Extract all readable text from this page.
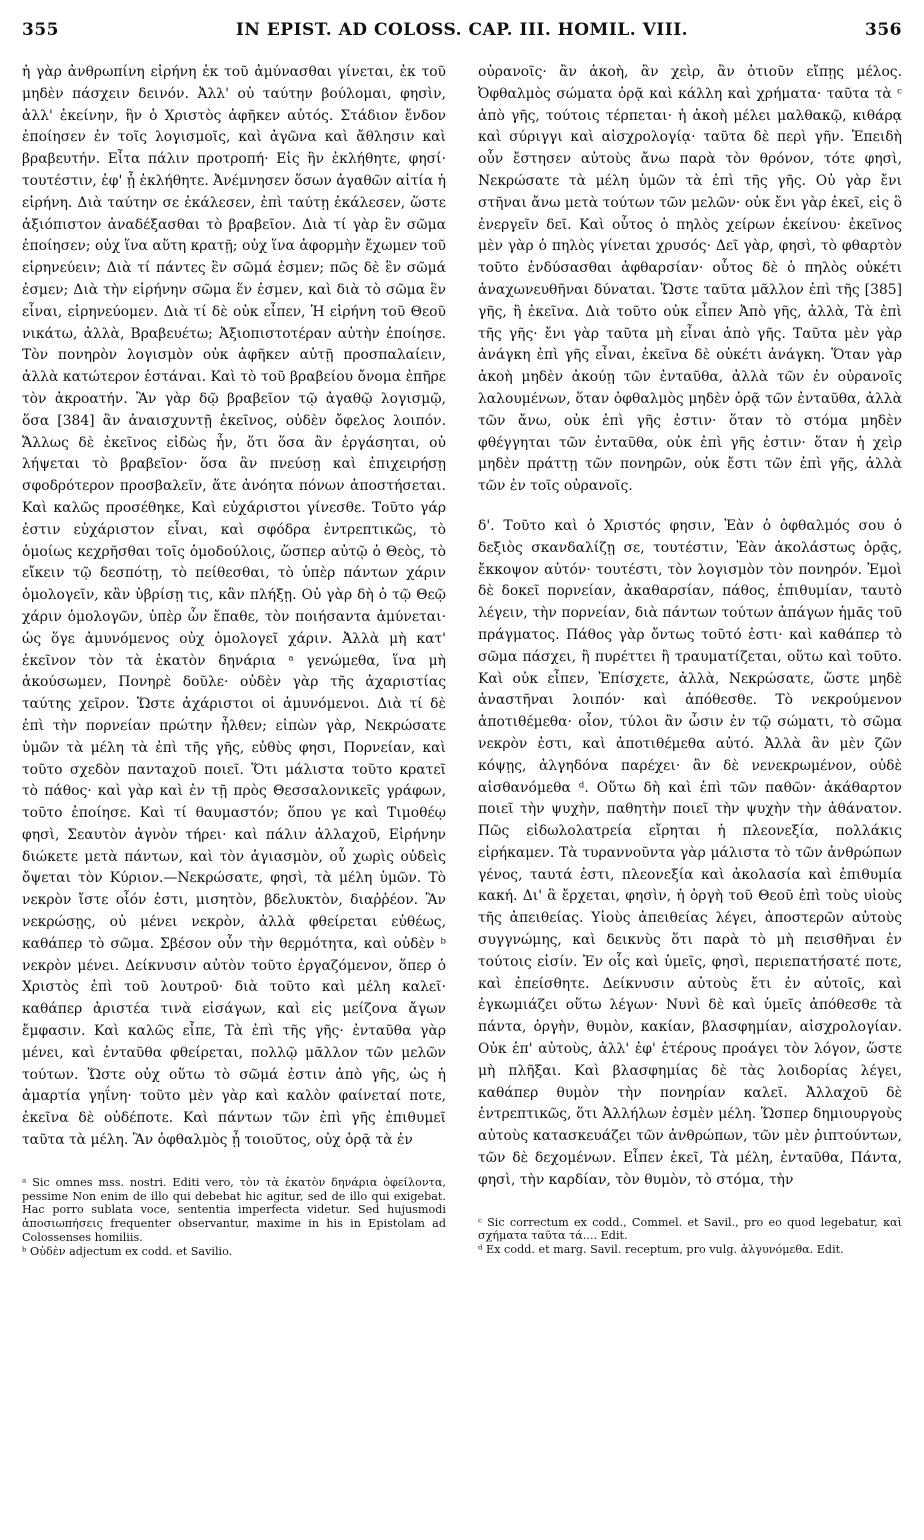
355	IN EPIST. AD COLOSS. CAP. III. HOMIL. VIII.	356

ἡ γὰρ ἀνθρωπίνη εἰρήνη ἐκ τοῦ ἀμύνασθαι γίνεται, ἐκ τοῦ μηδὲν πάσχειν δεινόν. Ἀλλ' οὐ ταύτην βούλομαι, φησὶν, ἀλλ' ἐκείνην, ἣν ὁ Χριστὸς ἀφῆκεν αὐτός. Στάδιον ἔνδον ἐποίησεν ἐν τοῖς λογισμοῖς, καὶ ἀγῶνα καὶ ἄθλησιν καὶ βραβευτήν. Εἶτα πάλιν προτροπή· Εἰς ἣν ἐκλήθητε, φησί· τουτέστιν, ἐφ' ᾗ ἐκλήθητε. Ἀνέμνησεν ὅσων ἀγαθῶν αἰτία ἡ εἰρήνη. Διὰ ταύτην σε ἐκάλεσεν, ἐπὶ ταύτῃ ἐκάλεσεν, ὥστε ἀξιόπιστον ἀναδέξασθαι τὸ βραβεῖον. Διὰ τί γὰρ ἓν σῶμα ἐποίησεν; οὐχ ἵνα αὕτη κρατῇ; οὐχ ἵνα ἀφορμὴν ἔχωμεν τοῦ εἰρηνεύειν; Διὰ τί πάντες ἓν σῶμά ἐσμεν; πῶς δὲ ἓν σῶμά ἐσμεν; Διὰ τὴν εἰρήνην σῶμα ἕν ἐσμεν, καὶ διὰ τὸ σῶμα ἓν εἶναι, εἰρηνεύομεν. Διὰ τί δὲ οὐκ εἶπεν, Ἡ εἰρήνη τοῦ Θεοῦ νικάτω, ἀλλὰ, Βραβευέτω; Ἀξιοπιστοτέραν αὐτὴν ἐποίησε. Τὸν πονηρὸν λογισμὸν οὐκ ἀφῆκεν αὐτῇ προσπαλαίειν, ἀλλὰ κατώτερον ἑστάναι. Καὶ τὸ τοῦ βραβείου ὄνομα ἐπῆρε τὸν ἀκροατήν. Ἂν γὰρ δῷ βραβεῖον τῷ ἀγαθῷ λογισμῷ, ὅσα [384] ἂν ἀναισχυντῇ ἐκεῖνος, οὐδὲν ὄφελος λοιπόν. Ἄλλως δὲ ἐκεῖνος εἰδὼς ἦν, ὅτι ὅσα ἂν ἐργάσηται, οὐ λήψεται τὸ βραβεῖον· ὅσα ἂν πνεύσῃ καὶ ἐπιχειρήσῃ σφοδρότερον προσβαλεῖν, ἅτε ἀνόητα πόνων ἀποστήσεται. Καὶ καλῶς προσέθηκε, Καὶ εὐχάριστοι γίνεσθε. Τοῦτο γάρ ἐστιν εὐχάριστον εἶναι, καὶ σφόδρα ἐντρεπτικῶς, τὸ ὁμοίως κεχρῆσθαι τοῖς ὁμοδούλοις, ὥσπερ αὐτῷ ὁ Θεὸς, τὸ εἴκειν τῷ δεσπότῃ, τὸ πείθεσθαι, τὸ ὑπὲρ πάντων χάριν ὁμολογεῖν, κἂν ὑβρίσῃ τις, κἂν πλήξῃ. Οὐ γὰρ δὴ ὁ τῷ Θεῷ χάριν ὁμολογῶν, ὑπὲρ ὧν ἔπαθε, τὸν ποιήσαντα ἀμύνεται· ὡς ὅγε ἀμυνόμενος οὐχ ὁμολογεῖ χάριν. Ἀλλὰ μὴ κατ' ἐκεῖνον τὸν τὰ ἑκατὸν δηνάρια ᵃ γενώμεθα, ἵνα μὴ ἀκούσωμεν, Πονηρὲ δοῦλε· οὐδὲν γὰρ τῆς ἀχαριστίας ταύτης χεῖρον. Ὥστε ἀχάριστοι οἱ ἀμυνόμενοι. Διὰ τί δὲ ἐπὶ τὴν πορνείαν πρώτην ἦλθεν; εἰπὼν γὰρ, Νεκρώσατε ὑμῶν τὰ μέλη τὰ ἐπὶ τῆς γῆς, εὐθὺς φησι, Πορνείαν, καὶ τοῦτο σχεδὸν πανταχοῦ ποιεῖ. Ὅτι μάλιστα τοῦτο κρατεῖ τὸ πάθος· καὶ γὰρ καὶ ἐν τῇ πρὸς Θεσσαλονικεῖς γράφων, τοῦτο ἐποίησε. Καὶ τί θαυμαστόν; ὅπου γε καὶ Τιμοθέῳ φησὶ, Σεαυτὸν ἁγνὸν τήρει· καὶ πάλιν ἀλλαχοῦ, Εἰρήνην διώκετε μετὰ πάντων, καὶ τὸν ἁγιασμὸν, οὗ χωρὶς οὐδεὶς ὄψεται τὸν Κύριον.—Νεκρώσατε, φησὶ, τὰ μέλη ὑμῶν. Τὸ νεκρὸν ἴστε οἷόν ἐστι, μισητὸν, βδελυκτὸν, διαῤῥέον. Ἂν νεκρώσῃς, οὐ μένει νεκρὸν, ἀλλὰ φθείρεται εὐθέως, καθάπερ τὸ σῶμα. Σβέσον οὖν τὴν θερμότητα, καὶ οὐδὲν ᵇ νεκρὸν μένει. Δείκνυσιν αὐτὸν τοῦτο ἐργαζόμενον, ὅπερ ὁ Χριστὸς ἐπὶ τοῦ λουτροῦ· διὰ τοῦτο καὶ μέλη καλεῖ· καθάπερ ἀριστέα τινὰ εἰσάγων, καὶ εἰς μείζονα ἄγων ἔμφασιν. Καὶ καλῶς εἶπε, Τὰ ἐπὶ τῆς γῆς· ἐνταῦθα γὰρ μένει, καὶ ἐνταῦθα φθείρεται, πολλῷ μᾶλλον τῶν μελῶν τούτων. Ὥστε οὐχ οὕτω τὸ σῶμά ἐστιν ἀπὸ γῆς, ὡς ἡ ἁμαρτία γηΐνη· τοῦτο μὲν γὰρ καὶ καλὸν φαίνεταί ποτε, ἐκεῖνα δὲ οὐδέποτε. Καὶ πάντων τῶν ἐπὶ γῆς ἐπιθυμεῖ ταῦτα τὰ μέλη. Ἂν ὀφθαλμὸς ᾖ τοιοῦτος, οὐχ ὁρᾷ τὰ ἐν

ᵃ Sic omnes mss. nostri. Editi vero, τὸν τὰ ἑκατὸν δηνάρια ὀφείλοντα, pessime Non enim de illo qui debebat hic agitur, sed de illo qui exigebat. Hac porro sublata voce, sententia imperfecta videtur. Sed hujusmodi ἀποσιωπήσεις frequenter observantur, maxime in his in Epistolam ad Colossenses homiliis.

ᵇ Οὐδὲν adjectum ex codd. et Savilio.

οὐρανοῖς· ἂν ἀκοὴ, ἂν χεὶρ, ἂν ὁτιοῦν εἴπῃς μέλος. Ὀφθαλμὸς σώματα ὁρᾷ καὶ κάλλη καὶ χρήματα· ταῦτα τὰ ᶜ ἀπὸ γῆς, τούτοις τέρπεται· ἡ ἀκοὴ μέλει μαλθακῷ, κιθάρᾳ καὶ σύριγγι καὶ αἰσχρολογίᾳ· ταῦτα δὲ περὶ γῆν. Ἐπειδὴ οὖν ἔστησεν αὐτοὺς ἄνω παρὰ τὸν θρόνον, τότε φησὶ, Νεκρώσατε τὰ μέλη ὑμῶν τὰ ἐπὶ τῆς γῆς. Οὐ γὰρ ἔνι στῆναι ἄνω μετὰ τούτων τῶν μελῶν· οὐκ ἔνι γὰρ ἐκεῖ, εἰς ὃ ἐνεργεῖν δεῖ. Καὶ οὗτος ὁ πηλὸς χείρων ἐκείνου· ἐκεῖνος μὲν γὰρ ὁ πηλὸς γίνεται χρυσός· Δεῖ γὰρ, φησὶ, τὸ φθαρτὸν τοῦτο ἐνδύσασθαι ἀφθαρσίαν· οὗτος δὲ ὁ πηλὸς οὐκέτι ἀναχωνευθῆναι δύναται. Ὥστε ταῦτα μᾶλλον ἐπὶ τῆς [385] γῆς, ἢ ἐκεῖνα. Διὰ τοῦτο οὐκ εἶπεν Ἀπὸ γῆς, ἀλλὰ, Τὰ ἐπὶ τῆς γῆς· ἔνι γὰρ ταῦτα μὴ εἶναι ἀπὸ γῆς. Ταῦτα μὲν γὰρ ἀνάγκη ἐπὶ γῆς εἶναι, ἐκεῖνα δὲ οὐκέτι ἀνάγκη. Ὅταν γὰρ ἀκοὴ μηδὲν ἀκούῃ τῶν ἐνταῦθα, ἀλλὰ τῶν ἐν οὐρανοῖς λαλουμένων, ὅταν ὀφθαλμὸς μηδὲν ὁρᾷ τῶν ἐνταῦθα, ἀλλὰ τῶν ἄνω, οὐκ ἐπὶ γῆς ἐστιν· ὅταν τὸ στόμα μηδὲν φθέγγηται τῶν ἐνταῦθα, οὐκ ἐπὶ γῆς ἐστιν· ὅταν ἡ χεὶρ μηδὲν πράττῃ τῶν πονηρῶν, οὐκ ἔστι τῶν ἐπὶ γῆς, ἀλλὰ τῶν ἐν τοῖς οὐρανοῖς.

δ'. Τοῦτο καὶ ὁ Χριστός φησιν, Ἐὰν ὁ ὀφθαλμός σου ὁ δεξιὸς σκανδαλίζῃ σε, τουτέστιν, Ἐὰν ἀκολάστως ὁρᾷς, ἔκκοψον αὐτόν· τουτέστι, τὸν λογισμὸν τὸν πονηρόν. Ἐμοὶ δὲ δοκεῖ πορνείαν, ἀκαθαρσίαν, πάθος, ἐπιθυμίαν, ταυτὸ λέγειν, τὴν πορνείαν, διὰ πάντων τούτων ἀπάγων ἡμᾶς τοῦ πράγματος. Πάθος γὰρ ὄντως τοῦτό ἐστι· καὶ καθάπερ τὸ σῶμα πάσχει, ἢ πυρέττει ἢ τραυματίζεται, οὕτω καὶ τοῦτο. Καὶ οὐκ εἶπεν, Ἐπίσχετε, ἀλλὰ, Νεκρώσατε, ὥστε μηδὲ ἀναστῆναι λοιπόν· καὶ ἀπόθεσθε. Τὸ νεκρούμενον ἀποτιθέμεθα· οἷον, τύλοι ἂν ὦσιν ἐν τῷ σώματι, τὸ σῶμα νεκρὸν ἐστι, καὶ ἀποτιθέμεθα αὐτό. Ἀλλὰ ἂν μὲν ζῶν κόψῃς, ἀλγηδόνα παρέχει· ἂν δὲ νενεκρωμένον, οὐδὲ αἰσθανόμεθα ᵈ. Οὕτω δὴ καὶ ἐπὶ τῶν παθῶν· ἀκάθαρτον ποιεῖ τὴν ψυχὴν, παθητὴν ποιεῖ τὴν ψυχὴν τὴν ἀθάνατον. Πῶς εἰδωλολατρεία εἴρηται ἡ πλεονεξία, πολλάκις εἰρήκαμεν. Τὰ τυραννοῦντα γὰρ μάλιστα τὸ τῶν ἀνθρώπων γένος, ταυτά ἐστι, πλεονεξία καὶ ἀκολασία καὶ ἐπιθυμία κακή. Δι' ἃ ἔρχεται, φησὶν, ἡ ὀργὴ τοῦ Θεοῦ ἐπὶ τοὺς υἱοὺς τῆς ἀπειθείας. Υἱοὺς ἀπειθείας λέγει, ἀποστερῶν αὐτοὺς συγγνώμης, καὶ δεικνὺς ὅτι παρὰ τὸ μὴ πεισθῆναι ἐν τούτοις εἰσίν. Ἐν οἷς καὶ ὑμεῖς, φησὶ, περιεπατήσατέ ποτε, καὶ ἐπείσθητε. Δείκνυσιν αὐτοὺς ἔτι ἐν αὐτοῖς, καὶ ἐγκωμιάζει οὕτω λέγων· Νυνὶ δὲ καὶ ὑμεῖς ἀπόθεσθε τὰ πάντα, ὀργὴν, θυμὸν, κακίαν, βλασφημίαν, αἰσχρολογίαν. Οὐκ ἐπ' αὐτοὺς, ἀλλ' ἐφ' ἑτέρους προάγει τὸν λόγον, ὥστε μὴ πλῆξαι. Καὶ βλασφημίας δὲ τὰς λοιδορίας λέγει, καθάπερ θυμὸν τὴν πονηρίαν καλεῖ. Ἀλλαχοῦ δὲ ἐντρεπτικῶς, ὅτι Ἀλλήλων ἐσμὲν μέλη. Ὥσπερ δημιουργοὺς αὐτοὺς κατασκευάζει τῶν ἀνθρώπων, τῶν μὲν ῥιπτούντων, τῶν δὲ δεχομένων. Εἶπεν ἐκεῖ, Τὰ μέλη, ἐνταῦθα, Πάντα, φησὶ, τὴν καρδίαν, τὸν θυμὸν, τὸ στόμα, τὴν

ᶜ Sic correctum ex codd., Commel. et Savil., pro eo quod legebatur, καὶ σχήματα ταῦτα τά.... Edit.

ᵈ Ex codd. et marg. Savil. receptum, pro vulg. ἀλγυνόμεθα. Edit.
